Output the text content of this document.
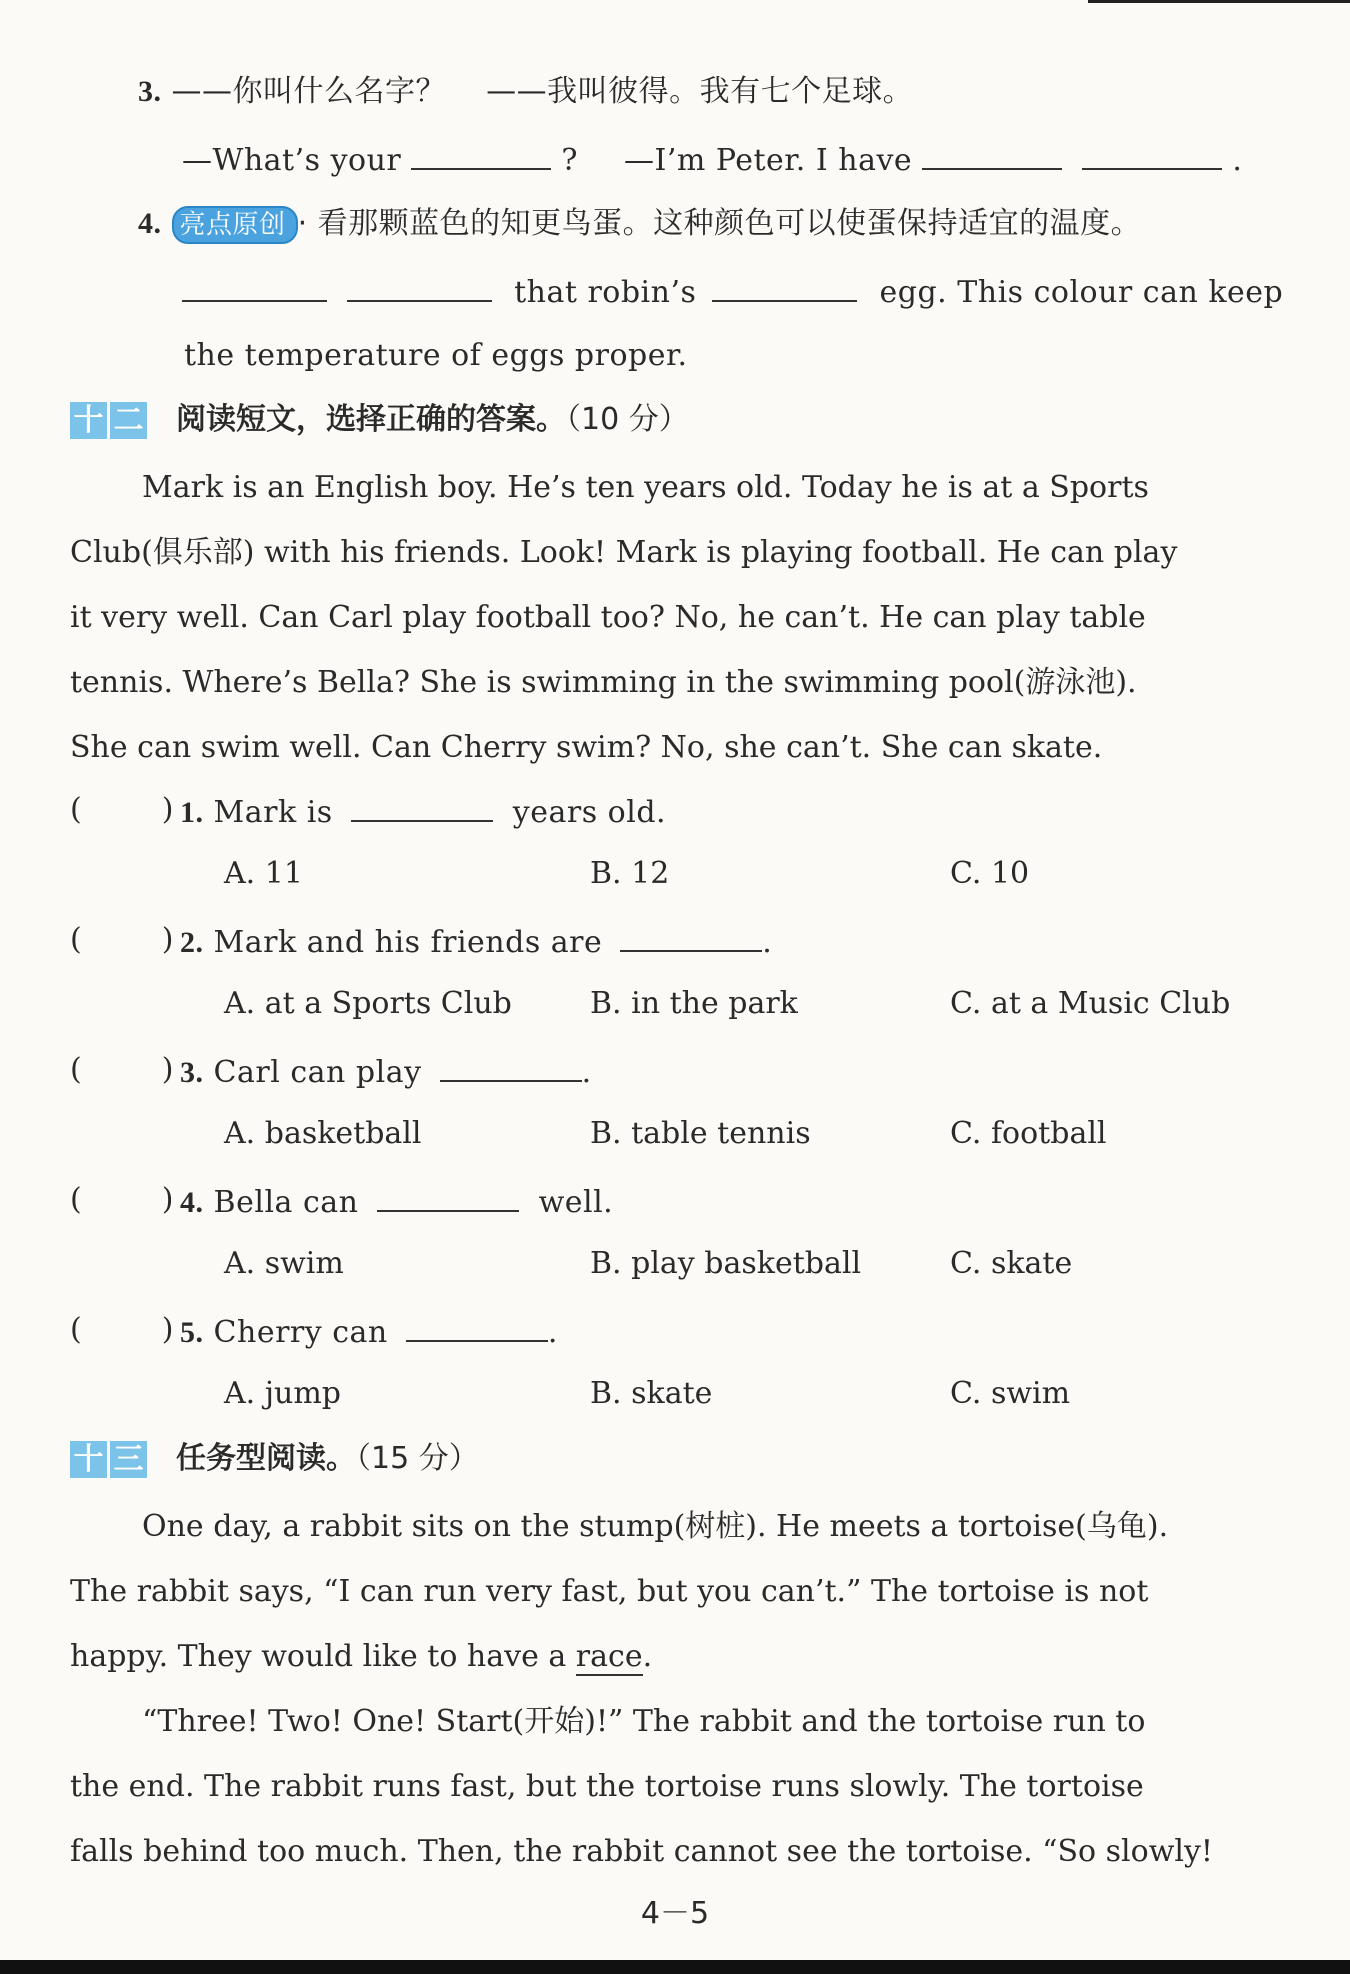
3. ——你叫什么名字？ ——我叫彼得。我有七个足球。
—What’s your	? —I’m Peter. I have	.
4. 亮点原创 · 看那颗蓝色的知更鸟蛋。这种颜色可以使蛋保持适宜的温度。
that robin’s	egg. This colour can keep
the temperature of eggs proper.
十 二 阅读短文，选择正确的答案。（10 分）
Mark is an English boy. He’s ten years old. Today he is at a Sports
Club(俱乐部) with his friends. Look! Mark is playing football. He can play
it very well. Can Carl play football too? No, he can’t. He can play table
tennis. Where’s Bella? She is swimming in the swimming pool(游泳池).
She can swim well. Can Cherry swim? No, she can’t. She can skate.
(	) 1. Mark is	years old.
A. 11	B. 12	C. 10
(	) 2. Mark and his friends are	.
A. at a Sports Club	B. in the park	C. at a Music Club
(	) 3. Carl can play	.
A. basketball	B. table tennis	C. football
(	) 4. Bella can	well.
A. swim	B. play basketball	C. skate
(	) 5. Cherry can	.
A. jump	B. skate	C. swim
十 三 任务型阅读。（15 分）
One day, a rabbit sits on the stump(树桩). He meets a tortoise(乌龟).
The rabbit says, “I can run very fast, but you can’t.” The tortoise is not
happy. They would like to have a race.
“Three! Two! One! Start(开始)!” The rabbit and the tortoise run to
the end. The rabbit runs fast, but the tortoise runs slowly. The tortoise
falls behind too much. Then, the rabbit cannot see the tortoise. “So slowly!
4－5
